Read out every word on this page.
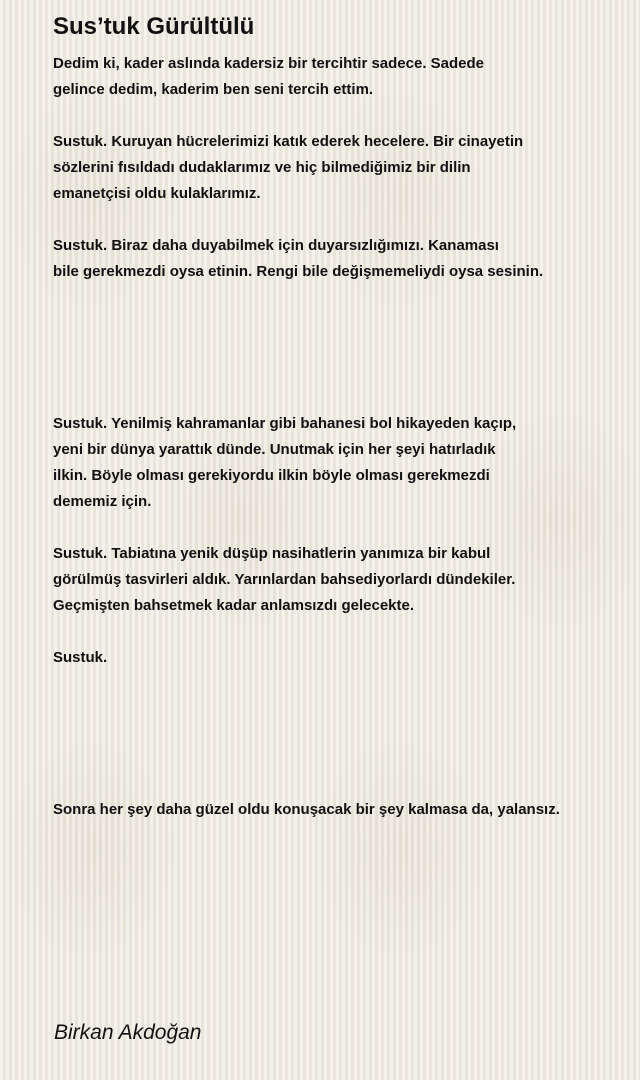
Sus’tuk Gürültülü
Dedim ki, kader aslında kadersiz bir tercihtir sadece. Sadede
gelince dedim, kaderim ben seni tercih ettim.
Sustuk. Kuruyan hücrelerimizi katık ederek hecelere. Bir cinayetin
sözlerini fısıldadı dudaklarımız ve hiç bilmediğimiz bir dilin
emanetçisi oldu kulaklarımız.
Sustuk. Biraz daha duyabilmek için duyarsızlığımızı. Kanaması
bile gerekmezdi oysa etinin. Rengi bile değişmemeliydi oysa sesinin.
Sustuk. Yenilmiş kahramanlar gibi bahanesi bol hikayeden kaçıp,
yeni bir dünya yarattık dünde. Unutmak için her şeyi hatırladık
ilkin. Böyle olması gerekiyordu ilkin böyle olması gerekmezdi
dememiz için.
Sustuk. Tabiatına yenik düşüp nasihatlerin yanımıza bir kabul
görülmüş tasvirleri aldık. Yarınlardan bahsediyorlardı dündekiler.
Geçmişten bahsetmek kadar anlamsızdı gelecekte.
Sustuk.
Sonra her şey daha güzel oldu konuşacak bir şey kalmasa da, yalansız.
Birkan Akdoğan
